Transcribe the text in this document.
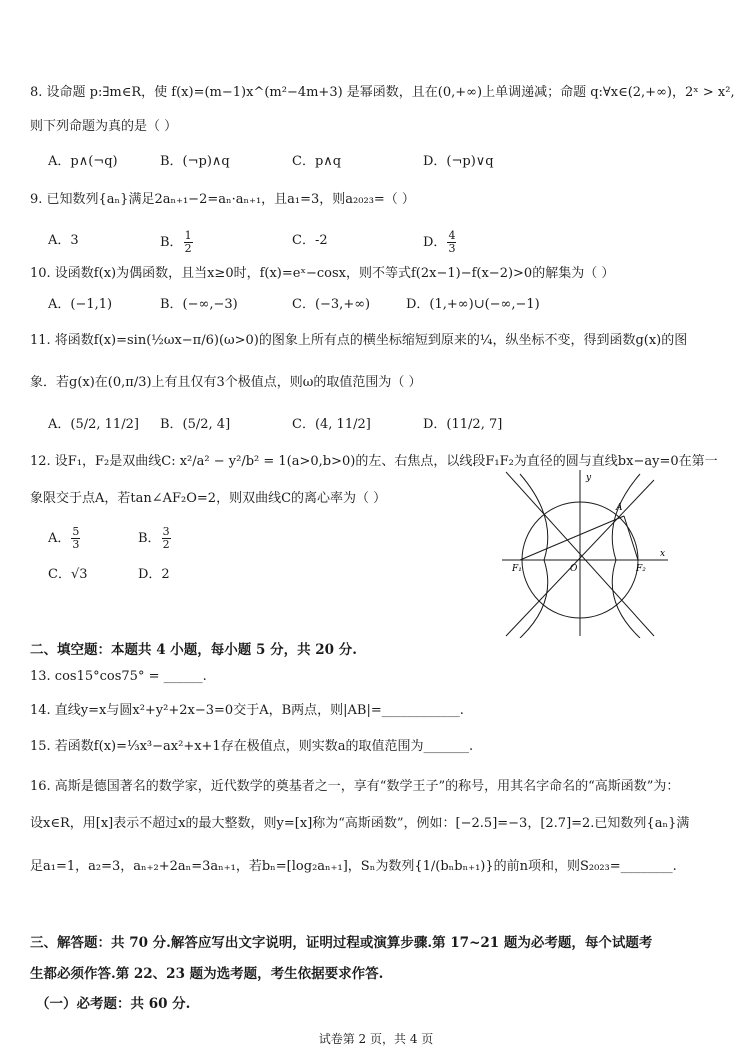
8. 设命题 p:∃m∈R，使 f(x)=(m−1)x^(m²−4m+3) 是幂函数，且在(0,+∞)上单调递减；命题 q:∀x∈(2,+∞)，2ˣ > x²,
则下列命题为真的是（ ）
A．p∧(¬q)	B．(¬p)∧q	C．p∧q	D．(¬p)∨q
9. 已知数列{aₙ}满足2aₙ₊₁−2=aₙ·aₙ₊₁，且a₁=3，则a₂₀₂₃=（ ）
A．3	B． $\frac{1}{2}$	C．-2	D． $\frac{4}{3}$
10. 设函数f(x)为偶函数，且当x≥0时，f(x)=eˣ−cosx，则不等式f(2x−1)−f(x−2)>0的解集为（ ）
A．(−1,1)	B．(−∞,−3)	C．(−3,+∞)	D．(1,+∞)∪(−∞,−1)
11. 将函数f(x)=sin(½ωx−π/6)(ω>0)的图象上所有点的横坐标缩短到原来的¼，纵坐标不变，得到函数g(x)的图
象．若g(x)在(0,π/3)上有且仅有3个极值点，则ω的取值范围为（ ）
A．(5/2, 11/2] B．(5/2, 4]	C．(4, 11/2]	D．(11/2, 7]
12. 设F₁，F₂是双曲线C: x²/a² − y²/b² = 1(a>0,b>0)的左、右焦点，以线段F₁F₂为直径的圆与直线bx−ay=0在第一
象限交于点A，若tan∠AF₂O=2，则双曲线C的离心率为（ ）
A． $\frac{5}{3}$	B． $\frac{3}{2}$
C．√3	D．2
y
x
A
O
F₁	F₂
二、填空题：本题共 4 小题，每小题 5 分，共 20 分.
13. cos15°cos75° = ______.
14. 直线y=x与圆x²+y²+2x−3=0交于A，B两点，则|AB|=____________.
15. 若函数f(x)=⅓x³−ax²+x+1存在极值点，则实数a的取值范围为_______.
16. 高斯是德国著名的数学家，近代数学的奠基者之一，享有“数学王子”的称号，用其名字命名的“高斯函数”为：
设x∈R，用[x]表示不超过x的最大整数，则y=[x]称为“高斯函数”，例如：[−2.5]=−3，[2.7]=2.已知数列{aₙ}满
足a₁=1，a₂=3，aₙ₊₂+2aₙ=3aₙ₊₁，若bₙ=[log₂aₙ₊₁]，Sₙ为数列{1/(bₙbₙ₊₁)}的前n项和，则S₂₀₂₃=________.
三、解答题：共 70 分.解答应写出文字说明，证明过程或演算步骤.第 17~21 题为必考题，每个试题考
生都必须作答.第 22、23 题为选考题，考生依据要求作答.
（一）必考题：共 60 分.
试卷第 2 页，共 4 页
